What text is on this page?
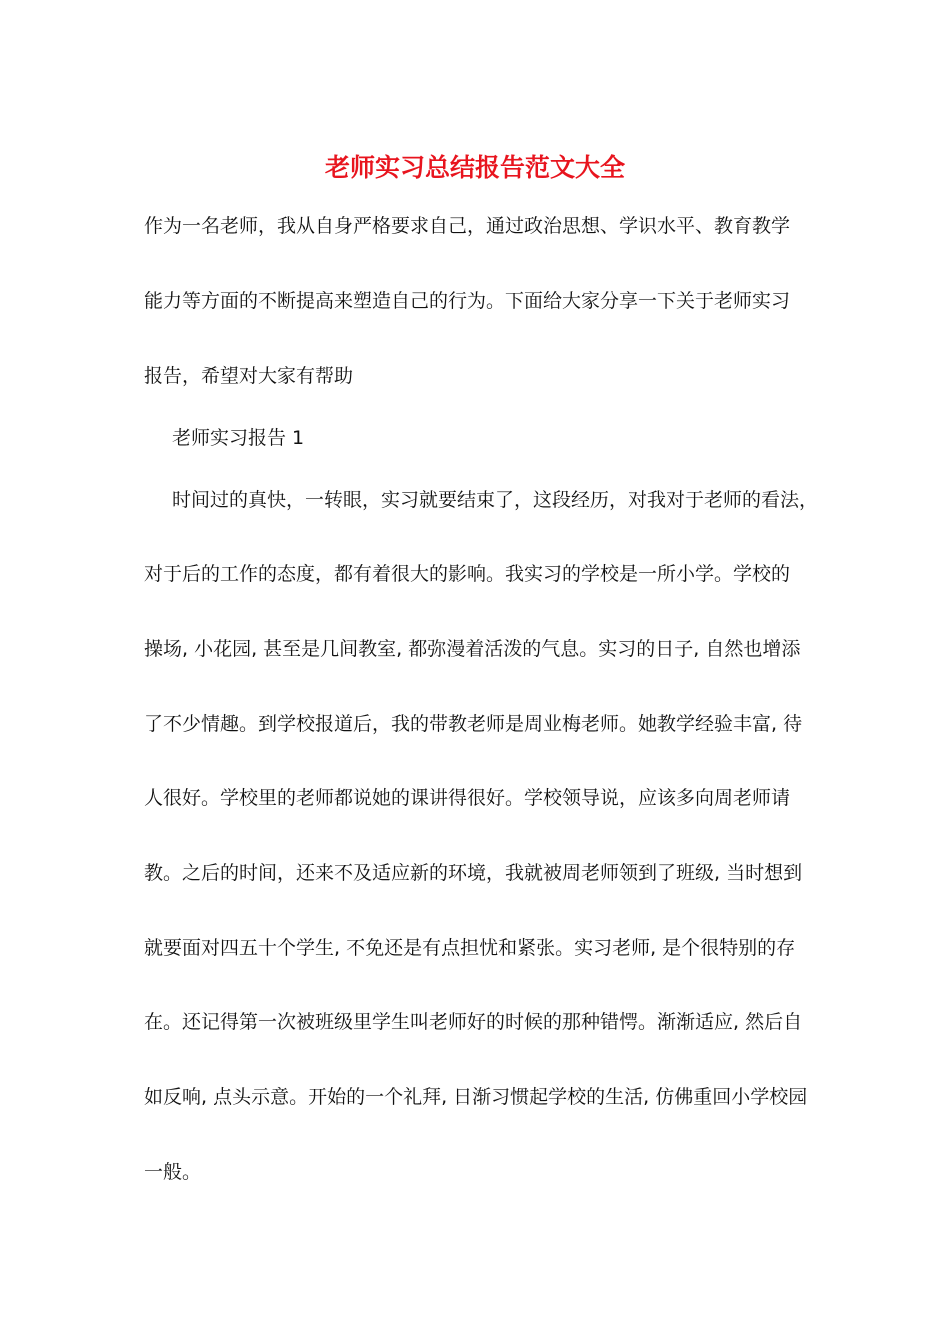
老师实习总结报告范文大全

作为一名老师，我从自身严格要求自己，通过政治思想、学识水平、教育教学

能力等方面的不断提高来塑造自己的行为。下面给大家分享一下关于老师实习

报告，希望对大家有帮助

老师实习报告 1

时间过的真快，一转眼，实习就要结束了，这段经历，对我对于老师的看法，
对于后的工作的态度，都有着很大的影响。我实习的学校是一所小学。学校的
操场, 小花园, 甚至是几间教室, 都弥漫着活泼的气息。实习的日子, 自然也增添
了不少情趣。到学校报道后，我的带教老师是周业梅老师。她教学经验丰富, 待
人很好。学校里的老师都说她的课讲得很好。学校领导说，应该多向周老师请
教。之后的时间，还来不及适应新的环境，我就被周老师领到了班级, 当时想到
就要面对四五十个学生, 不免还是有点担忧和紧张。实习老师, 是个很特别的存
在。还记得第一次被班级里学生叫老师好的时候的那种错愕。渐渐适应, 然后自
如反响, 点头示意。开始的一个礼拜, 日渐习惯起学校的生活, 仿佛重回小学校园
一般。
